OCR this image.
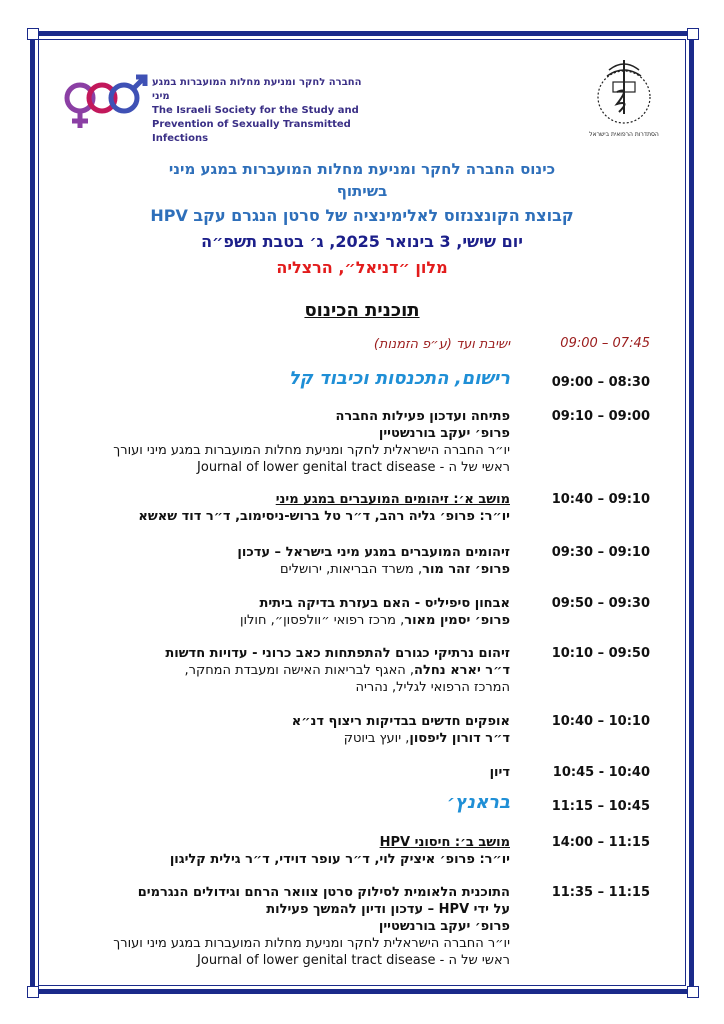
הסתדרות הרפואית בישראל
החברה לחקר ומניעת מחלות המועברות במגע מיני
The Israeli Society for the Study and
Prevention of Sexually Transmitted Infections
כינוס החברה לחקר ומניעת מחלות המועברות במגע מיני
בשיתוף
קבוצת הקונצנזוס לאלימינציה של סרטן הנגרם עקב HPV
יום שישי, 3 בינואר 2025, ג׳ בטבת תשפ״ה
מלון ״דניאל״, הרצליה
תוכנית הכינוס
09:00 – 07:45
ישיבת ועד (ע״פ הזמנות)
09:00 – 08:30
רישום, התכנסות וכיבוד קל
09:10 – 09:00
פתיחה ועדכון פעילות החברה
פרופ׳ יעקב בורנשטיין
יו״ר החברה הישראלית לחקר ומניעת מחלות המועברות במגע מיני ועורך
ראשי של ה - Journal of lower genital tract disease
10:40 – 09:10
מושב א׳: זיהומים המועברים במגע מיני
יו״ר: פרופ׳ גליה רהב, ד״ר טל ברוש-ניסימוב, ד״ר דוד שאשא
09:30 – 09:10
זיהומים המועברים במגע מיני בישראל – עדכון
פרופ׳ זהר מור, משרד הבריאות, ירושלים
09:50 – 09:30
אבחון סיפיליס - האם בעזרת בדיקה ביתית
פרופ׳ יסמין מאור, מרכז רפואי ״וולפסון״, חולון
10:10 – 09:50
זיהום נרתיקי כגורם להתפתחות כאב כרוני - עדויות חדשות
ד״ר יארא נחלה, האגף לבריאות האישה ומעבדת המחקר,
המרכז הרפואי לגליל, נהריה
10:40 – 10:10
אופקים חדשים בבדיקות ריצוף דנ״א
ד״ר דורון ליפסון, יועץ ביוטק
10:45 - 10:40
דיון
11:15 – 10:45
בראנץ׳
14:00 – 11:15
מושב ב׳: חיסוני HPV
יו״ר: פרופ׳ איציק לוי, ד״ר עופר דוידי, ד״ר גילית קליגון
11:35 – 11:15
התוכנית הלאומית לסילוק סרטן צוואר הרחם וגידולים הנגרמים
על ידי HPV – עדכון ודיון להמשך פעילות
פרופ׳ יעקב בורנשטיין
יו״ר החברה הישראלית לחקר ומניעת מחלות המועברות במגע מיני ועורך
ראשי של ה - Journal of lower genital tract disease
